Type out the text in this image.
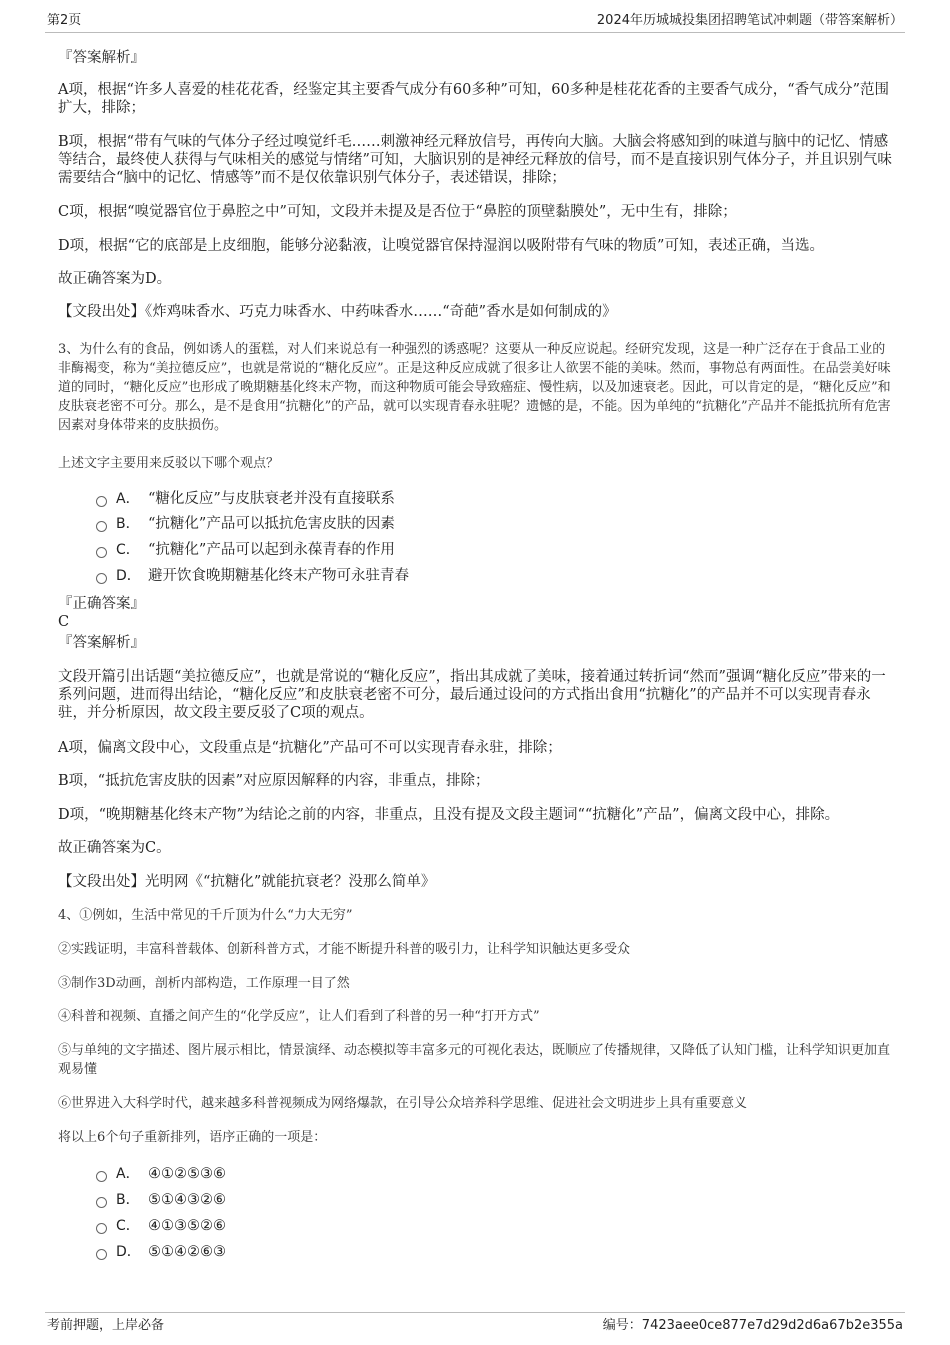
第2页	2024年历城城投集团招聘笔试冲刺题（带答案解析）
『答案解析』
A项，根据“许多人喜爱的桂花花香，经鉴定其主要香气成分有60多种”可知，60多种是桂花花香的主要香气成分，“香气成分”范围扩大，排除；
B项，根据“带有气味的气体分子经过嗅觉纤毛……刺激神经元释放信号，再传向大脑。大脑会将感知到的味道与脑中的记忆、情感等结合，最终使人获得与气味相关的感觉与情绪”可知，大脑识别的是神经元释放的信号，而不是直接识别气体分子，并且识别气味需要结合“脑中的记忆、情感等”而不是仅依靠识别气体分子，表述错误，排除；
C项，根据“嗅觉器官位于鼻腔之中”可知，文段并未提及是否位于“鼻腔的顶壁黏膜处”，无中生有，排除；
D项，根据“它的底部是上皮细胞，能够分泌黏液，让嗅觉器官保持湿润以吸附带有气味的物质”可知，表述正确，当选。
故正确答案为D。
【文段出处】《炸鸡味香水、巧克力味香水、中药味香水……“奇葩”香水是如何制成的》
3、为什么有的食品，例如诱人的蛋糕，对人们来说总有一种强烈的诱惑呢？这要从一种反应说起。经研究发现，这是一种广泛存在于食品工业的非酶褐变，称为“美拉德反应”，也就是常说的“糖化反应”。正是这种反应成就了很多让人欲罢不能的美味。然而，事物总有两面性。在品尝美好味道的同时，“糖化反应”也形成了晚期糖基化终末产物，而这种物质可能会导致癌症、慢性病，以及加速衰老。因此，可以肯定的是，“糖化反应”和皮肤衰老密不可分。那么，是不是食用“抗糖化”的产品，就可以实现青春永驻呢？遗憾的是，不能。因为单纯的“抗糖化”产品并不能抵抗所有危害因素对身体带来的皮肤损伤。
上述文字主要用来反驳以下哪个观点？
A． “糖化反应”与皮肤衰老并没有直接联系
B． “抗糖化”产品可以抵抗危害皮肤的因素
C． “抗糖化”产品可以起到永葆青春的作用
D． 避开饮食晚期糖基化终末产物可永驻青春
『正确答案』
C
『答案解析』
文段开篇引出话题“美拉德反应”，也就是常说的“糖化反应”，指出其成就了美味，接着通过转折词“然而”强调“糖化反应”带来的一系列问题，进而得出结论，“糖化反应”和皮肤衰老密不可分，最后通过设问的方式指出食用“抗糖化”的产品并不可以实现青春永驻，并分析原因，故文段主要反驳了C项的观点。
A项，偏离文段中心，文段重点是“抗糖化”产品可不可以实现青春永驻，排除；
B项，“抵抗危害皮肤的因素”对应原因解释的内容，非重点，排除；
D项，“晚期糖基化终末产物”为结论之前的内容，非重点，且没有提及文段主题词““抗糖化”产品”，偏离文段中心，排除。
故正确答案为C。
【文段出处】光明网《“抗糖化”就能抗衰老？没那么简单》
4、①例如，生活中常见的千斤顶为什么“力大无穷”
②实践证明，丰富科普载体、创新科普方式，才能不断提升科普的吸引力，让科学知识触达更多受众
③制作3D动画，剖析内部构造，工作原理一目了然
④科普和视频、直播之间产生的“化学反应”，让人们看到了科普的另一种“打开方式”
⑤与单纯的文字描述、图片展示相比，情景演绎、动态模拟等丰富多元的可视化表达，既顺应了传播规律，又降低了认知门槛，让科学知识更加直观易懂
⑥世界进入大科学时代，越来越多科普视频成为网络爆款，在引导公众培养科学思维、促进社会文明进步上具有重要意义
将以上6个句子重新排列，语序正确的一项是：
A． ④①②⑤③⑥
B． ⑤①④③②⑥
C． ④①③⑤②⑥
D． ⑤①④②⑥③
考前押题，上岸必备	编号：7423aee0ce877e7d29d2d6a67b2e355a
